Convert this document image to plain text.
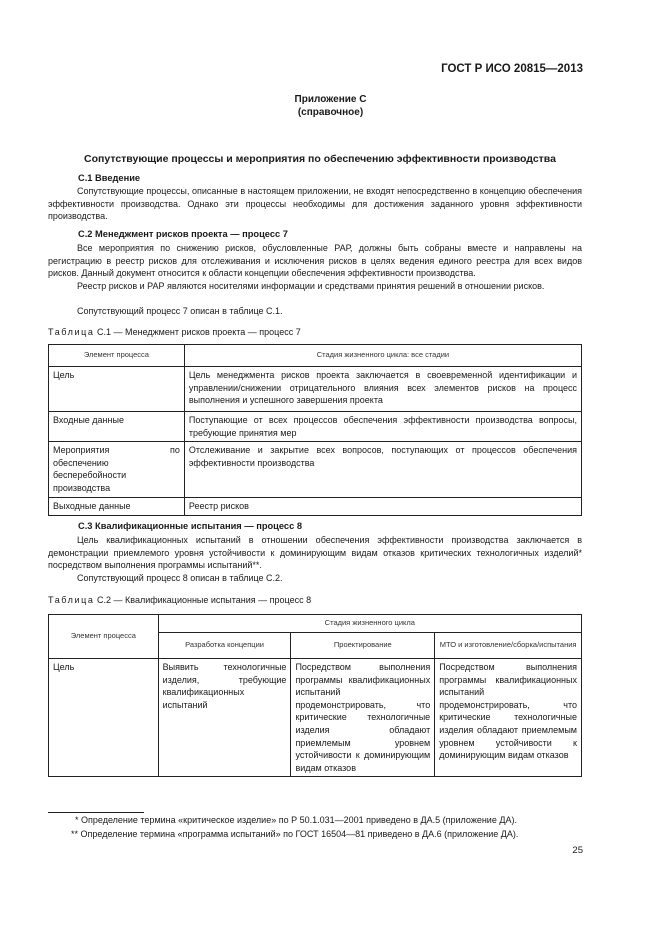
ГОСТ Р ИСО 20815—2013
Приложение С
(справочное)
Сопутствующие процессы и мероприятия по обеспечению эффективности производства
С.1 Введение
Сопутствующие процессы, описанные в настоящем приложении, не входят непосредственно в концепцию обеспечения эффективности производства. Однако эти процессы необходимы для достижения заданного уровня эффективности производства.
С.2 Менеджмент рисков проекта — процесс 7
Все мероприятия по снижению рисков, обусловленные РАР, должны быть собраны вместе и направлены на регистрацию в реестр рисков для отслеживания и исключения рисков в целях ведения единого реестра для всех видов рисков. Данный документ относится к области концепции обеспечения эффективности производства.
Реестр рисков и РАР являются носителями информации и средствами принятия решений в отношении рисков.
Сопутствующий процесс 7 описан в таблице С.1.
Таблица С.1 — Менеджмент рисков проекта — процесс 7
Элемент процесса	Стадия жизненного цикла: все стадии
Цель	Цель менеджмента рисков проекта заключается в своевременной идентификации и управлении/снижении отрицательного влияния всех элементов рисков на процесс выполнения и успешного завершения проекта
Входные данные	Поступающие от всех процессов обеспечения эффективности производства вопросы, требующие принятия мер
Мероприятия по обеспечению бесперебойности производства	Отслеживание и закрытие всех вопросов, поступающих от процессов обеспечения эффективности производства
Выходные данные	Реестр рисков
С.3 Квалификационные испытания — процесс 8
Цель квалификационных испытаний в отношении обеспечения эффективности производства заключается в демонстрации приемлемого уровня устойчивости к доминирующим видам отказов критических технологичных изделий* посредством выполнения программы испытаний**.
Сопутствующий процесс 8 описан в таблице С.2.
Таблица С.2 — Квалификационные испытания — процесс 8
Элемент процесса	Стадия жизненного цикла		
	Разработка концепции	Проектирование	МТО и изготовление/сборка/испытания
Цель	Выявить технологичные изделия, требующие квалификационных испытаний	Посредством выполнения программы квалификационных испытаний продемонстрировать, что критические технологичные изделия обладают приемлемым уровнем устойчивости к доминирующим видам отказов	Посредством выполнения программы квалификационных испытаний продемонстрировать, что критические технологичные изделия обладают приемлемым уровнем устойчивости к доминирующим видам отказов
* Определение термина «критическое изделие» по Р 50.1.031—2001 приведено в ДА.5 (приложение ДА).
** Определение термина «программа испытаний» по ГОСТ 16504—81 приведено в ДА.6 (приложение ДА).
25
